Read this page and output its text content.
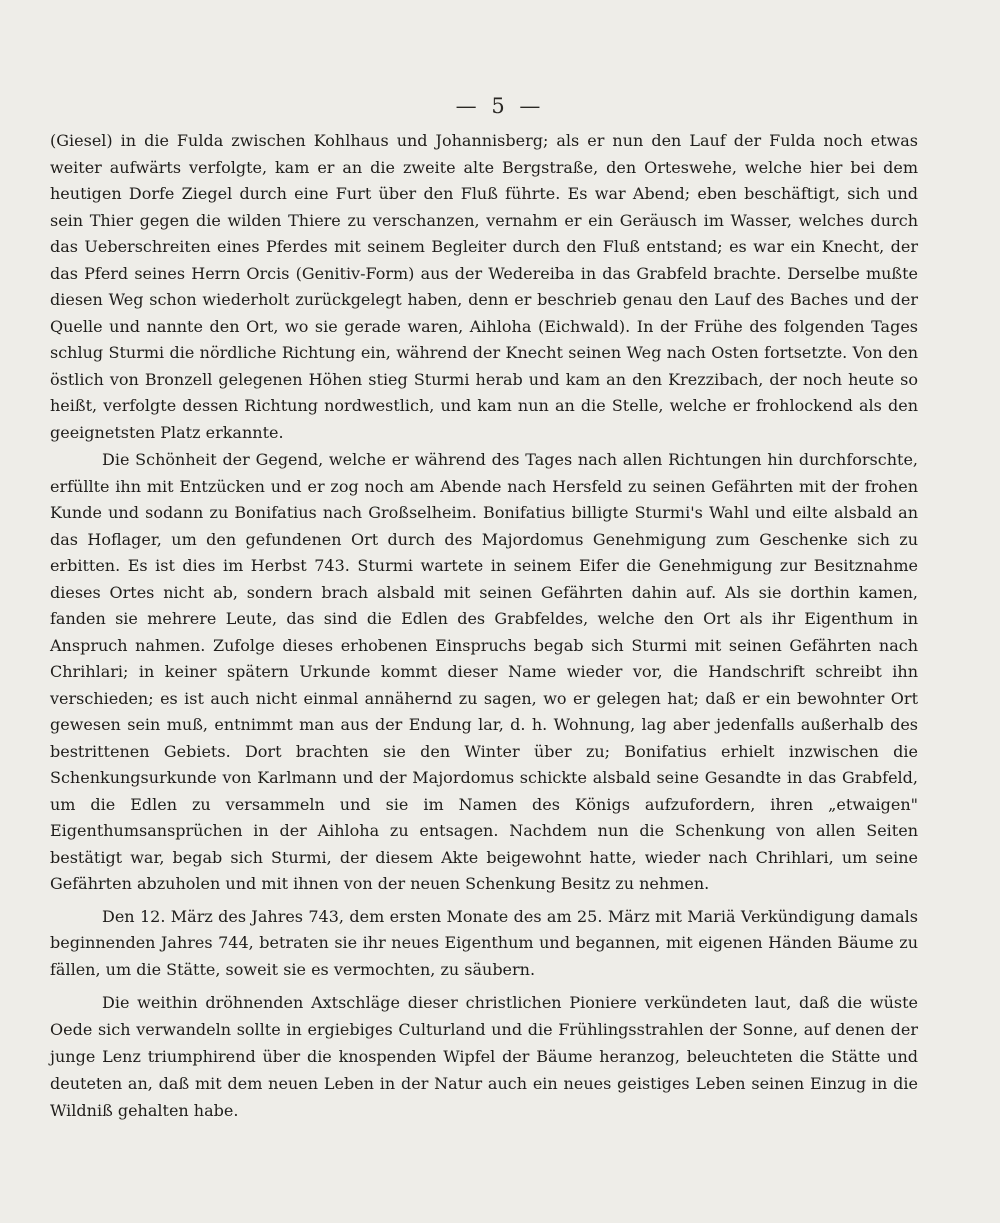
— 5 —

(Giesel) in die Fulda zwischen Kohlhaus und Johannisberg; als er nun den Lauf der Fulda noch etwas weiter aufwärts verfolgte, kam er an die zweite alte Bergstraße, den Orteswehe, welche hier bei dem heutigen Dorfe Ziegel durch eine Furt über den Fluß führte. Es war Abend; eben beschäftigt, sich und sein Thier gegen die wilden Thiere zu verschanzen, vernahm er ein Geräusch im Wasser, welches durch das Ueberschreiten eines Pferdes mit seinem Begleiter durch den Fluß entstand; es war ein Knecht, der das Pferd seines Herrn Orcis (Genitiv-Form) aus der Wedereiba in das Grabfeld brachte. Derselbe mußte diesen Weg schon wiederholt zurückgelegt haben, denn er beschrieb genau den Lauf des Baches und der Quelle und nannte den Ort, wo sie gerade waren, Aihloha (Eichwald). In der Frühe des folgenden Tages schlug Sturmi die nördliche Richtung ein, während der Knecht seinen Weg nach Osten fortsetzte. Von den östlich von Bronzell gelegenen Höhen stieg Sturmi herab und kam an den Krezzibach, der noch heute so heißt, verfolgte dessen Richtung nordwestlich, und kam nun an die Stelle, welche er frohlockend als den geeignetsten Platz erkannte.

Die Schönheit der Gegend, welche er während des Tages nach allen Richtungen hin durchforschte, erfüllte ihn mit Entzücken und er zog noch am Abende nach Hersfeld zu seinen Gefährten mit der frohen Kunde und sodann zu Bonifatius nach Großselheim. Bonifatius billigte Sturmi's Wahl und eilte alsbald an das Hoflager, um den gefundenen Ort durch des Majordomus Genehmigung zum Geschenke sich zu erbitten. Es ist dies im Herbst 743. Sturmi wartete in seinem Eifer die Genehmigung zur Besitznahme dieses Ortes nicht ab, sondern brach alsbald mit seinen Gefährten dahin auf. Als sie dorthin kamen, fanden sie mehrere Leute, das sind die Edlen des Grabfeldes, welche den Ort als ihr Eigenthum in Anspruch nahmen. Zufolge dieses erhobenen Einspruchs begab sich Sturmi mit seinen Gefährten nach Chrihlari; in keiner spätern Urkunde kommt dieser Name wieder vor, die Handschrift schreibt ihn verschieden; es ist auch nicht einmal annähernd zu sagen, wo er gelegen hat; daß er ein bewohnter Ort gewesen sein muß, entnimmt man aus der Endung lar, d. h. Wohnung, lag aber jedenfalls außerhalb des bestrittenen Gebiets. Dort brachten sie den Winter über zu; Bonifatius erhielt inzwischen die Schenkungsurkunde von Karlmann und der Majordomus schickte alsbald seine Gesandte in das Grabfeld, um die Edlen zu versammeln und sie im Namen des Königs aufzufordern, ihren „etwaigen" Eigenthumsansprüchen in der Aihloha zu entsagen. Nachdem nun die Schenkung von allen Seiten bestätigt war, begab sich Sturmi, der diesem Akte beigewohnt hatte, wieder nach Chrihlari, um seine Gefährten abzuholen und mit ihnen von der neuen Schenkung Besitz zu nehmen.

Den 12. März des Jahres 743, dem ersten Monate des am 25. März mit Mariä Verkündigung damals beginnenden Jahres 744, betraten sie ihr neues Eigenthum und begannen, mit eigenen Händen Bäume zu fällen, um die Stätte, soweit sie es vermochten, zu säubern.

Die weithin dröhnenden Axtschläge dieser christlichen Pioniere verkündeten laut, daß die wüste Oede sich verwandeln sollte in ergiebiges Culturland und die Frühlingsstrahlen der Sonne, auf denen der junge Lenz triumphirend über die knospenden Wipfel der Bäume heranzog, beleuchteten die Stätte und deuteten an, daß mit dem neuen Leben in der Natur auch ein neues geistiges Leben seinen Einzug in die Wildniß gehalten habe.
